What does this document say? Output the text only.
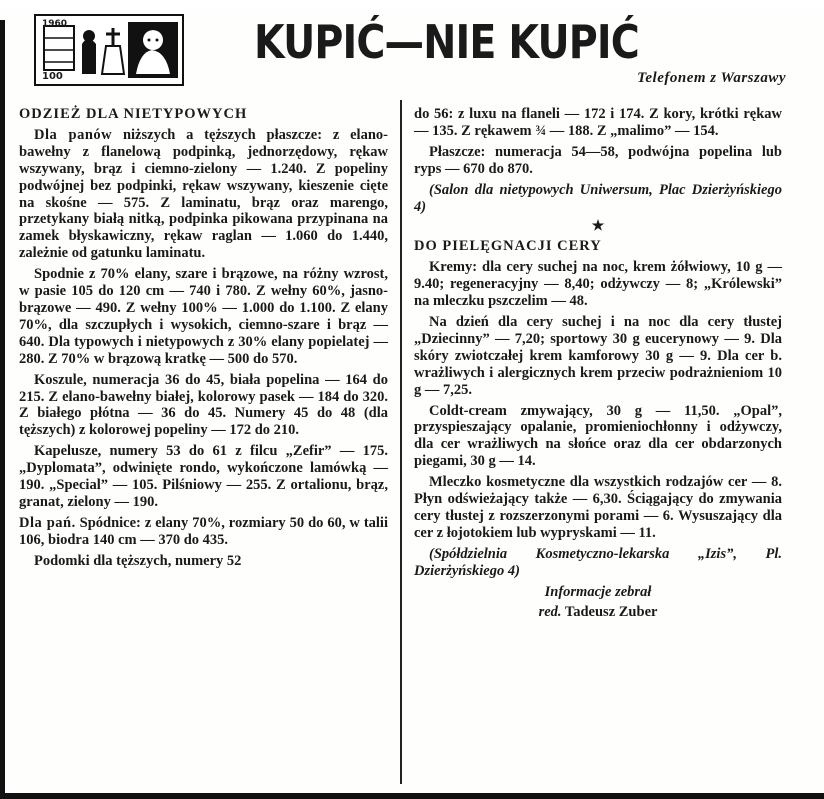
1960
100
KUPIĆ—NIE KUPIĆ
Telefonem z Warszawy

ODZIEŻ DLA NIETYPOWYCH

Dla panów niższych a tęższych płaszcze: z elano-bawełny z flanelową podpinką, jednorzędowy, rękaw wszywany, brąz i ciemno-zielony — 1.240. Z popeliny podwójnej bez podpinki, rękaw wszywany, kieszenie cięte na skośne — 575. Z laminatu, brąz oraz marengo, przetykany białą nitką, podpinka pikowana przypinana na zamek błyskawiczny, rękaw raglan — 1.060 do 1.440, zależnie od gatunku laminatu.

Spodnie z 70% elany, szare i brązowe, na różny wzrost, w pasie 105 do 120 cm — 740 i 780. Z wełny 60%, jasno-brązowe — 490. Z wełny 100% — 1.000 do 1.100. Z elany 70%, dla szczupłych i wysokich, ciemno-szare i brąz — 640. Dla typowych i nietypowych z 30% elany popielatej — 280. Z 70% w brązową kratkę — 500 do 570.

Koszule, numeracja 36 do 45, biała popelina — 164 do 215. Z elano-bawełny białej, kolorowy pasek — 184 do 320. Z białego płótna — 36 do 45. Numery 45 do 48 (dla tęższych) z kolorowej popeliny — 172 do 210.

Kapelusze, numery 53 do 61 z filcu „Zefir” — 175. „Dyplomata”, odwinięte rondo, wykończone lamówką — 190. „Special” — 105. Pilśniowy — 255. Z ortalionu, brąz, granat, zielony — 190.

Dla pań. Spódnice: z elany 70%, rozmiary 50 do 60, w talii 106, biodra 140 cm — 370 do 435.

Podomki dla tęższych, numery 52

do 56: z luxu na flaneli — 172 i 174. Z kory, krótki rękaw — 135. Z rękawem ¾ — 188. Z „malimo” — 154.

Płaszcze: numeracja 54—58, podwójna popelina lub ryps — 670 do 870.

(Salon dla nietypowych Uniwersum, Plac Dzierżyńskiego 4)

★

DO PIELĘGNACJI CERY

Kremy: dla cery suchej na noc, krem żółwiowy, 10 g — 9.40; regeneracyjny — 8,40; odżywczy — 8; „Królewski” na mleczku pszczelim — 48.

Na dzień dla cery suchej i na noc dla cery tłustej „Dziecinny” — 7,20; sportowy 30 g eucerynowy — 9. Dla skóry zwiotczałej krem kamforowy 30 g — 9. Dla cer b. wrażliwych i alergicznych krem przeciw podrażnieniom 10 g — 7,25.

Coldt-cream zmywający, 30 g — 11,50. „Opal”, przyspieszający opalanie, promieniochłonny i odżywczy, dla cer wrażliwych na słońce oraz dla cer obdarzonych piegami, 30 g — 14.

Mleczko kosmetyczne dla wszystkich rodzajów cer — 8. Płyn odświeżający także — 6,30. Ściągający do zmywania cery tłustej z rozszerzonymi porami — 6. Wysuszający dla cer z łojotokiem lub wypryskami — 11.

(Spółdzielnia Kosmetyczno-lekarska „Izis”, Pl. Dzierżyńskiego 4)

Informacje zebrał

red. Tadeusz Zuber
